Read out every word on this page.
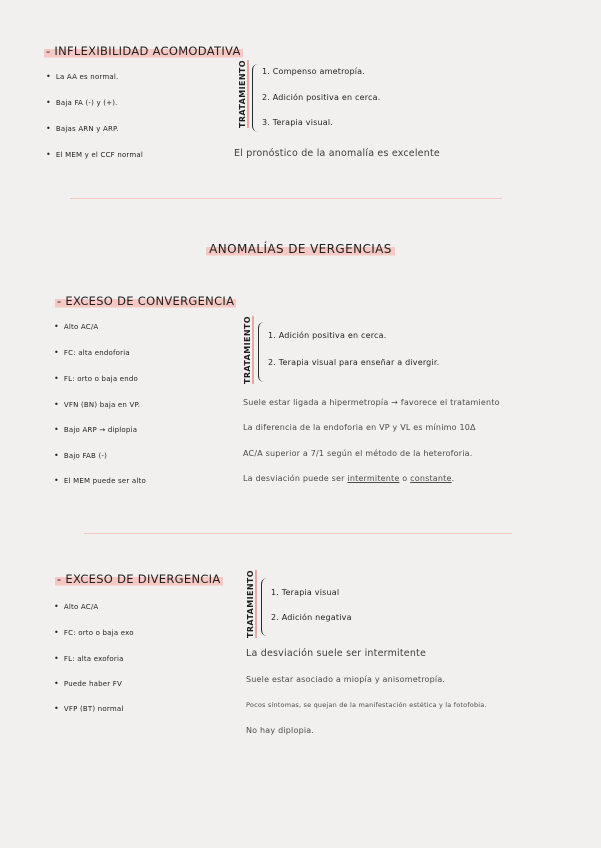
- INFLEXIBILIDAD ACOMODATIVA
• La AA es normal.
• Baja FA (-) y (+).
• Bajas ARN y ARP.
• El MEM y el CCF normal
TRATAMIENTO 1. Compenso ametropía.
2. Adición positiva en cerca.
3. Terapia visual.
El pronóstico de la anomalía es excelente
ANOMALÍAS DE VERGENCIAS
- EXCESO DE CONVERGENCIA
• Alto AC/A
• FC: alta endoforia
• FL: orto o baja endo
• VFN (BN) baja en VP.
• Bajo ARP → diplopia
• Bajo FAB (-)
• El MEM puede ser alto
TRATAMIENTO 1. Adición positiva en cerca.
2. Terapia visual para enseñar a divergir.
Suele estar ligada a hipermetropía → favorece el tratamiento
La diferencia de la endoforia en VP y VL es mínimo 10Δ
AC/A superior a 7/1 según el método de la heteroforia.
La desviación puede ser intermitente o constante.
- EXCESO DE DIVERGENCIA
• Alto AC/A
• FC: orto o baja exo
• FL: alta exoforia
• Puede haber FV
• VFP (BT) normal
TRATAMIENTO 1. Terapia visual
2. Adición negativa
La desviación suele ser intermitente
Suele estar asociado a miopía y anisometropía.
Pocos síntomas, se quejan de la manifestación estética y la fotofobia.
No hay diplopia.
